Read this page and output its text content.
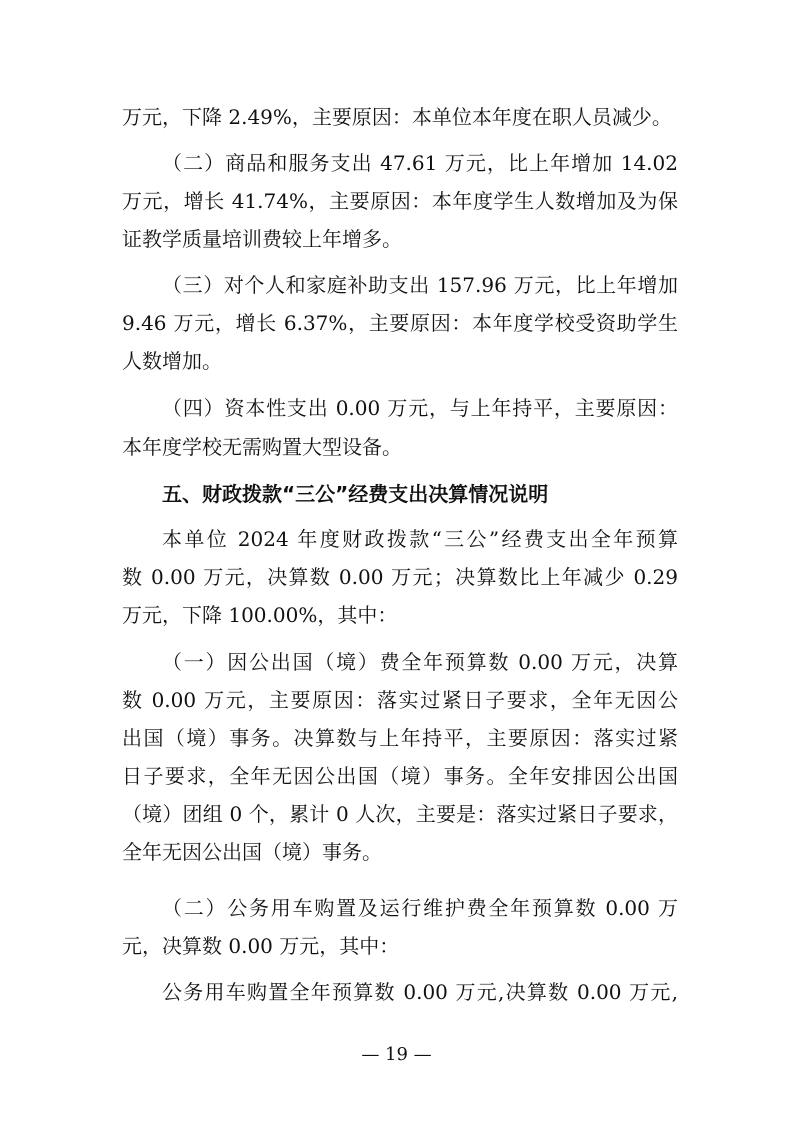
万元，下降 2.49%，主要原因：本单位本年度在职人员减少。
（二）商品和服务支出 47.61 万元，比上年增加 14.02
万元，增长 41.74%，主要原因：本年度学生人数增加及为保
证教学质量培训费较上年增多。
（三）对个人和家庭补助支出 157.96 万元，比上年增加
9.46 万元，增长 6.37%，主要原因：本年度学校受资助学生
人数增加。
（四）资本性支出 0.00 万元，与上年持平，主要原因：
本年度学校无需购置大型设备。
五、财政拨款“三公”经费支出决算情况说明
本单位 2024 年度财政拨款“三公”经费支出全年预算
数 0.00 万元，决算数 0.00 万元；决算数比上年减少 0.29
万元，下降 100.00%，其中：
（一）因公出国（境）费全年预算数 0.00 万元，决算
数 0.00 万元，主要原因：落实过紧日子要求，全年无因公
出国（境）事务。决算数与上年持平，主要原因：落实过紧
日子要求，全年无因公出国（境）事务。全年安排因公出国
（境）团组 0 个，累计 0 人次，主要是：落实过紧日子要求，
全年无因公出国（境）事务。
（二）公务用车购置及运行维护费全年预算数 0.00 万
元，决算数 0.00 万元，其中：
公务用车购置全年预算数 0.00 万元,决算数 0.00 万元,
— 19 —
